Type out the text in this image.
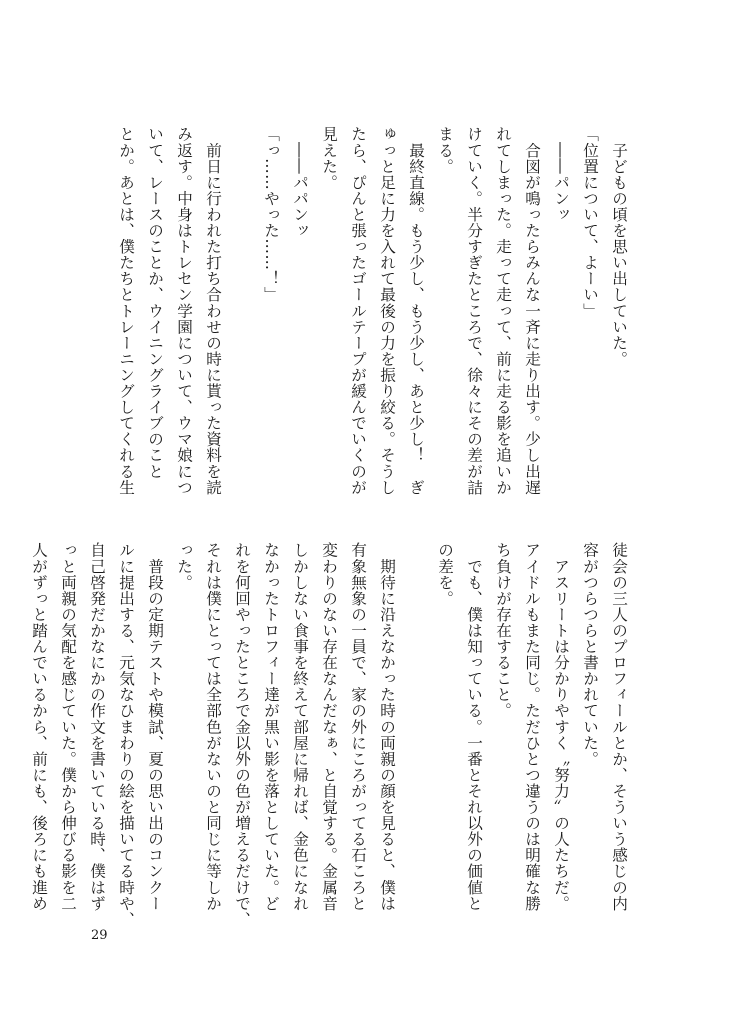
　子どもの頃を思い出していた。

「位置について、よーい」

　――パンッ

　合図が鳴ったらみんな一斉に走り出す。少し出遅

れてしまった。走って走って、前に走る影を追いか

けていく。半分すぎたところで、徐々にその差が詰

まる。

　最終直線。もう少し、もう少し、あと少し！　ぎ

ゅっと足に力を入れて最後の力を振り絞る。そうし

たら、ぴんと張ったゴールテープが緩んでいくのが

見えた。

　――パパンッ

「っ……やった……！」

　前日に行われた打ち合わせの時に貰った資料を読

み返す。中身はトレセン学園について、ウマ娘につ

いて、レースのことか、ウイニングライブのこと

とか。あとは、僕たちとトレーニングしてくれる生

徒会の三人のプロフィールとか、そういう感じの内

容がつらつらと書かれていた。

　アスリートは分かりやすく〝努力〟の人たちだ。

アイドルもまた同じ。ただひとつ違うのは明確な勝

ち負けが存在すること。

　でも、僕は知っている。一番とそれ以外の価値と

の差を。

　期待に沿えなかった時の両親の顔を見ると、僕は

有象無象の一員で、家の外にころがってる石ころと

変わりのない存在なんだなぁ、と自覚する。金属音

しかしない食事を終えて部屋に帰れば、金色になれ

なかったトロフィー達が黒い影を落としていた。ど

れを何回やったところで金以外の色が増えるだけで、

それは僕にとっては全部色がないのと同じに等しか

った。

　普段の定期テストや模試、夏の思い出のコンクー

ルに提出する、元気なひまわりの絵を描いてる時や、

自己啓発だかなにかの作文を書いている時、僕はず

っと両親の気配を感じていた。僕から伸びる影を二

人がずっと踏んでいるから、前にも、後ろにも進め

29
